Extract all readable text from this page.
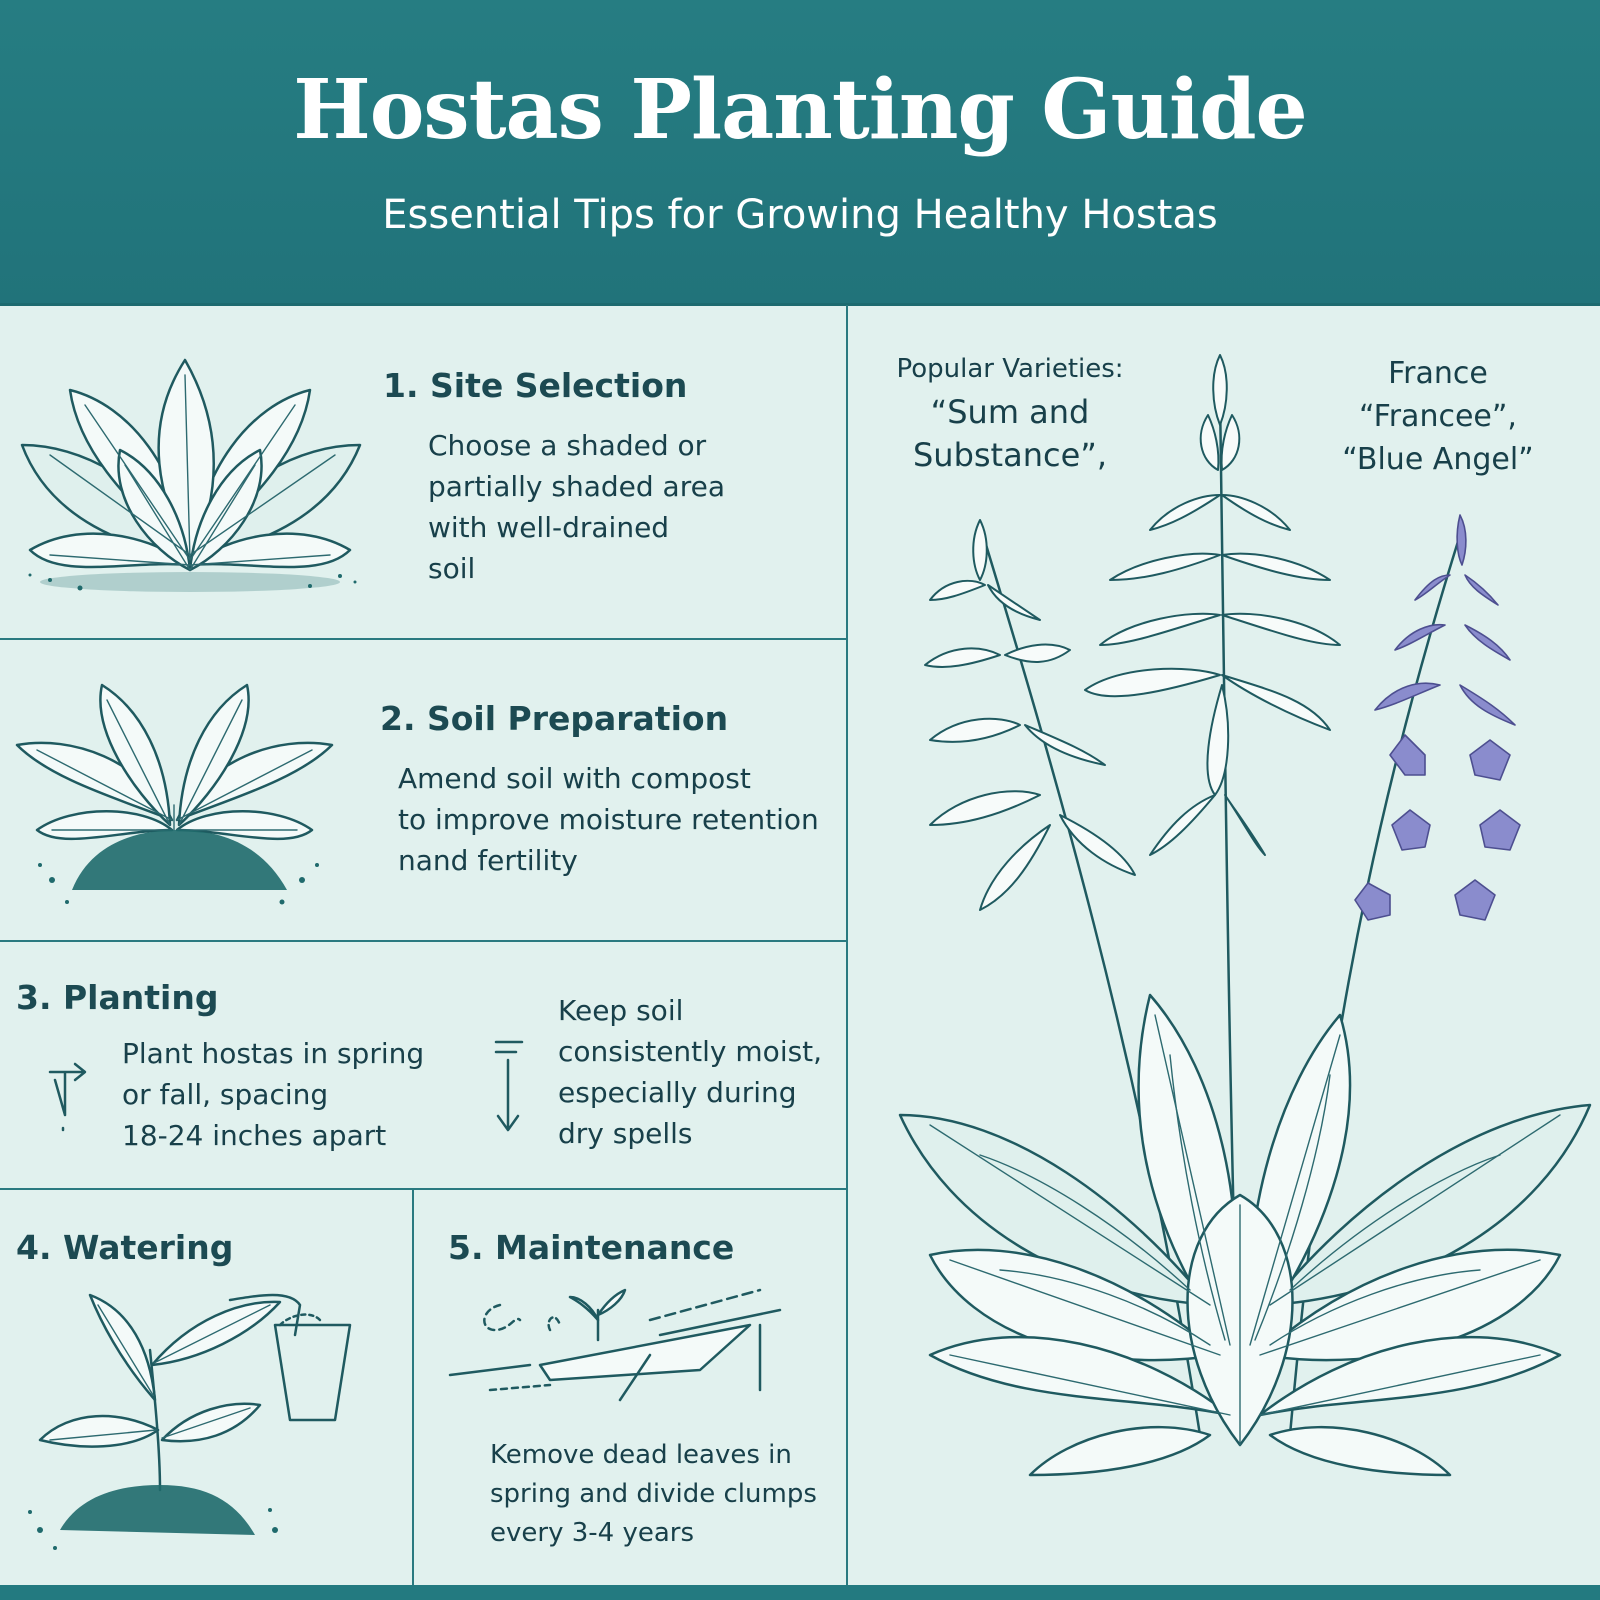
Hostas Planting Guide
Essential Tips for Growing Healthy Hostas
1. Site Selection
Choose a shaded or
partially shaded area
with well-drained
soil
2. Soil Preparation
Amend soil with compost
to improve moisture retention
nand fertility
3. Planting
Plant hostas in spring
or fall, spacing
18-24 inches apart
Keep soil
consistently moist,
especially during
dry spells
4. Watering	5. Maintenance
Kemove dead leaves in
spring and divide clumps
every 3-4 years
Popular Varieties:
“Sum and
Substance”,
France
“Francee”,
“Blue Angel”
